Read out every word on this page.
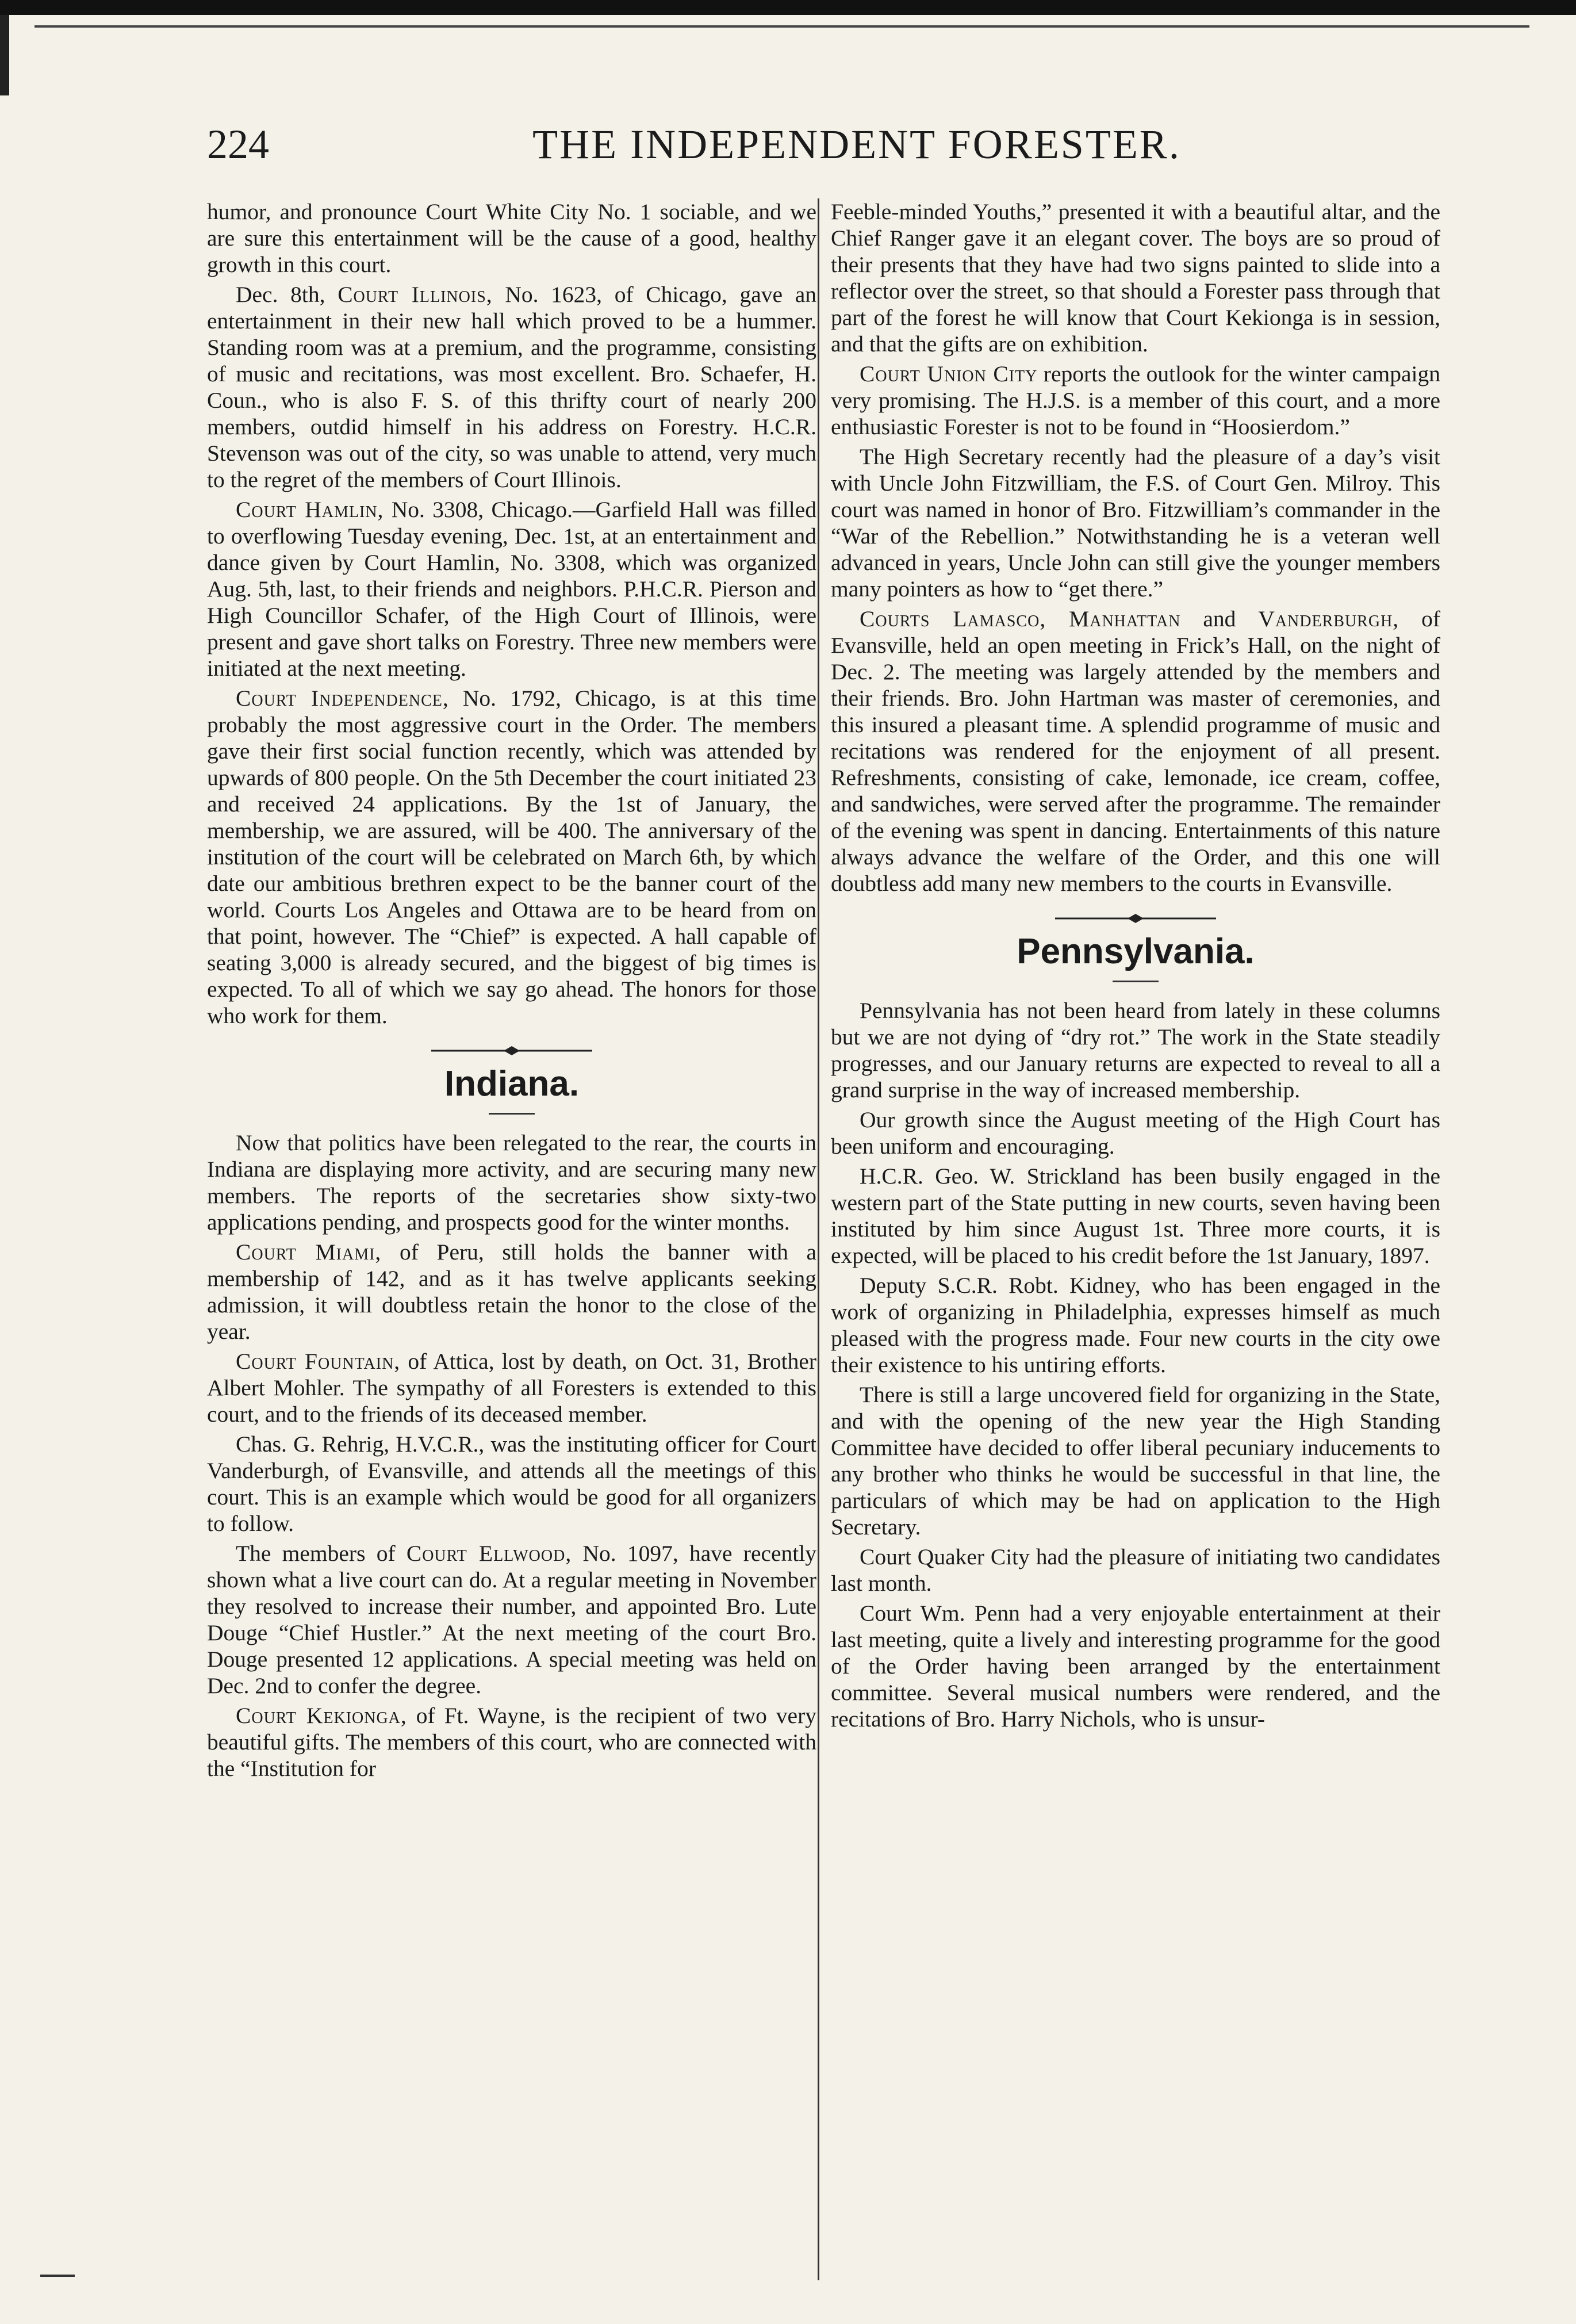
224	THE INDEPENDENT FORESTER.

humor, and pronounce Court White City No. 1 sociable, and we are sure this entertainment will be the cause of a good, healthy growth in this court.

Dec. 8th, Court Illinois, No. 1623, of Chicago, gave an entertainment in their new hall which proved to be a hummer. Standing room was at a premium, and the programme, consisting of music and recitations, was most excellent. Bro. Schaefer, H. Coun., who is also F. S. of this thrifty court of nearly 200 members, outdid himself in his address on Forestry. H.C.R. Stevenson was out of the city, so was unable to attend, very much to the regret of the members of Court Illinois.

Court Hamlin, No. 3308, Chicago.—Garfield Hall was filled to overflowing Tuesday evening, Dec. 1st, at an entertainment and dance given by Court Hamlin, No. 3308, which was organized Aug. 5th, last, to their friends and neighbors. P.H.C.R. Pierson and High Councillor Schafer, of the High Court of Illinois, were present and gave short talks on Forestry. Three new members were initiated at the next meeting.

Court Independence, No. 1792, Chicago, is at this time probably the most aggressive court in the Order. The members gave their first social function recently, which was attended by upwards of 800 people. On the 5th December the court initiated 23 and received 24 applications. By the 1st of January, the membership, we are assured, will be 400. The anniversary of the institution of the court will be celebrated on March 6th, by which date our ambitious brethren expect to be the banner court of the world. Courts Los Angeles and Ottawa are to be heard from on that point, however. The “Chief” is expected. A hall capable of seating 3,000 is already secured, and the biggest of big times is expected. To all of which we say go ahead. The honors for those who work for them.

Indiana.

Now that politics have been relegated to the rear, the courts in Indiana are displaying more activity, and are securing many new members. The reports of the secretaries show sixty-two applications pending, and prospects good for the winter months.

Court Miami, of Peru, still holds the banner with a membership of 142, and as it has twelve applicants seeking admission, it will doubtless retain the honor to the close of the year.

Court Fountain, of Attica, lost by death, on Oct. 31, Brother Albert Mohler. The sympathy of all Foresters is extended to this court, and to the friends of its deceased member.

Chas. G. Rehrig, H.V.C.R., was the instituting officer for Court Vanderburgh, of Evansville, and attends all the meetings of this court. This is an example which would be good for all organizers to follow.

The members of Court Ellwood, No. 1097, have recently shown what a live court can do. At a regular meeting in November they resolved to increase their number, and appointed Bro. Lute Douge “Chief Hustler.” At the next meeting of the court Bro. Douge presented 12 applications. A special meeting was held on Dec. 2nd to confer the degree.

Court Kekionga, of Ft. Wayne, is the recipient of two very beautiful gifts. The members of this court, who are connected with the “Institution for

Feeble-minded Youths,” presented it with a beautiful altar, and the Chief Ranger gave it an elegant cover. The boys are so proud of their presents that they have had two signs painted to slide into a reflector over the street, so that should a Forester pass through that part of the forest he will know that Court Kekionga is in session, and that the gifts are on exhibition.

Court Union City reports the outlook for the winter campaign very promising. The H.J.S. is a member of this court, and a more enthusiastic Forester is not to be found in “Hoosierdom.”

The High Secretary recently had the pleasure of a day’s visit with Uncle John Fitzwilliam, the F.S. of Court Gen. Milroy. This court was named in honor of Bro. Fitzwilliam’s commander in the “War of the Rebellion.” Notwithstanding he is a veteran well advanced in years, Uncle John can still give the younger members many pointers as how to “get there.”

Courts Lamasco, Manhattan and Vanderburgh, of Evansville, held an open meeting in Frick’s Hall, on the night of Dec. 2. The meeting was largely attended by the members and their friends. Bro. John Hartman was master of ceremonies, and this insured a pleasant time. A splendid programme of music and recitations was rendered for the enjoyment of all present. Refreshments, consisting of cake, lemonade, ice cream, coffee, and sandwiches, were served after the programme. The remainder of the evening was spent in dancing. Entertainments of this nature always advance the welfare of the Order, and this one will doubtless add many new members to the courts in Evansville.

Pennsylvania.

Pennsylvania has not been heard from lately in these columns but we are not dying of “dry rot.” The work in the State steadily progresses, and our January returns are expected to reveal to all a grand surprise in the way of increased membership.

Our growth since the August meeting of the High Court has been uniform and encouraging.

H.C.R. Geo. W. Strickland has been busily engaged in the western part of the State putting in new courts, seven having been instituted by him since August 1st. Three more courts, it is expected, will be placed to his credit before the 1st January, 1897.

Deputy S.C.R. Robt. Kidney, who has been engaged in the work of organizing in Philadelphia, expresses himself as much pleased with the progress made. Four new courts in the city owe their existence to his untiring efforts.

There is still a large uncovered field for organizing in the State, and with the opening of the new year the High Standing Committee have decided to offer liberal pecuniary inducements to any brother who thinks he would be successful in that line, the particulars of which may be had on application to the High Secretary.

Court Quaker City had the pleasure of initiating two candidates last month.

Court Wm. Penn had a very enjoyable entertainment at their last meeting, quite a lively and interesting programme for the good of the Order having been arranged by the entertainment committee. Several musical numbers were rendered, and the recitations of Bro. Harry Nichols, who is unsur-
